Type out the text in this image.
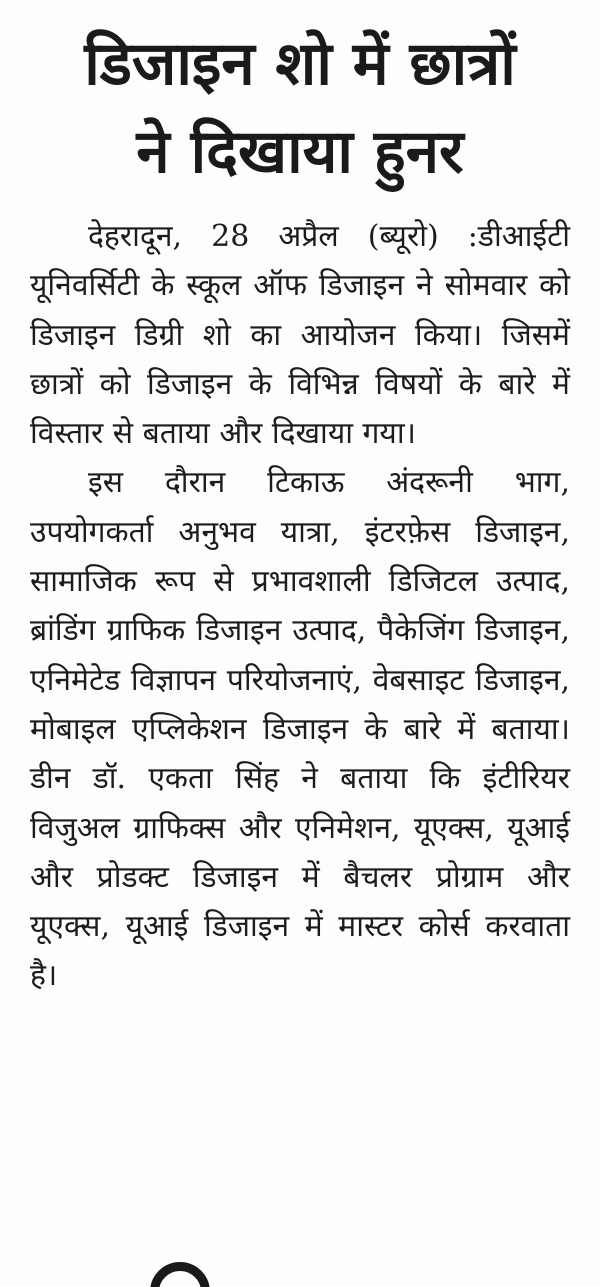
डिजाइन शो में छात्रों
ने दिखाया हुनर

देहरादून, 28 अप्रैल (ब्यूरो) :डीआईटी यूनिवर्सिटी के स्कूल ऑफ डिजाइन ने सोमवार को डिजाइन डिग्री शो का आयोजन किया। जिसमें छात्रों को डिजाइन के विभिन्न विषयों के बारे में विस्तार से बताया और दिखाया गया।

इस दौरान टिकाऊ अंदरूनी भाग, उपयोगकर्ता अनुभव यात्रा, इंटरफ़ेस डिजाइन, सामाजिक रूप से प्रभावशाली डिजिटल उत्पाद, ब्रांडिंग ग्राफिक डिजाइन उत्पाद, पैकेजिंग डिजाइन, एनिमेटेड विज्ञापन परियोजनाएं, वेबसाइट डिजाइन, मोबाइल एप्लिकेशन डिजाइन के बारे में बताया। डीन डॉ. एकता सिंह ने बताया कि इंटीरियर विजुअल ग्राफिक्स और एनिमेशन, यूएक्स, यूआई और प्रोडक्ट डिजाइन में बैचलर प्रोग्राम और यूएक्स, यूआई डिजाइन में मास्टर कोर्स करवाता है।
